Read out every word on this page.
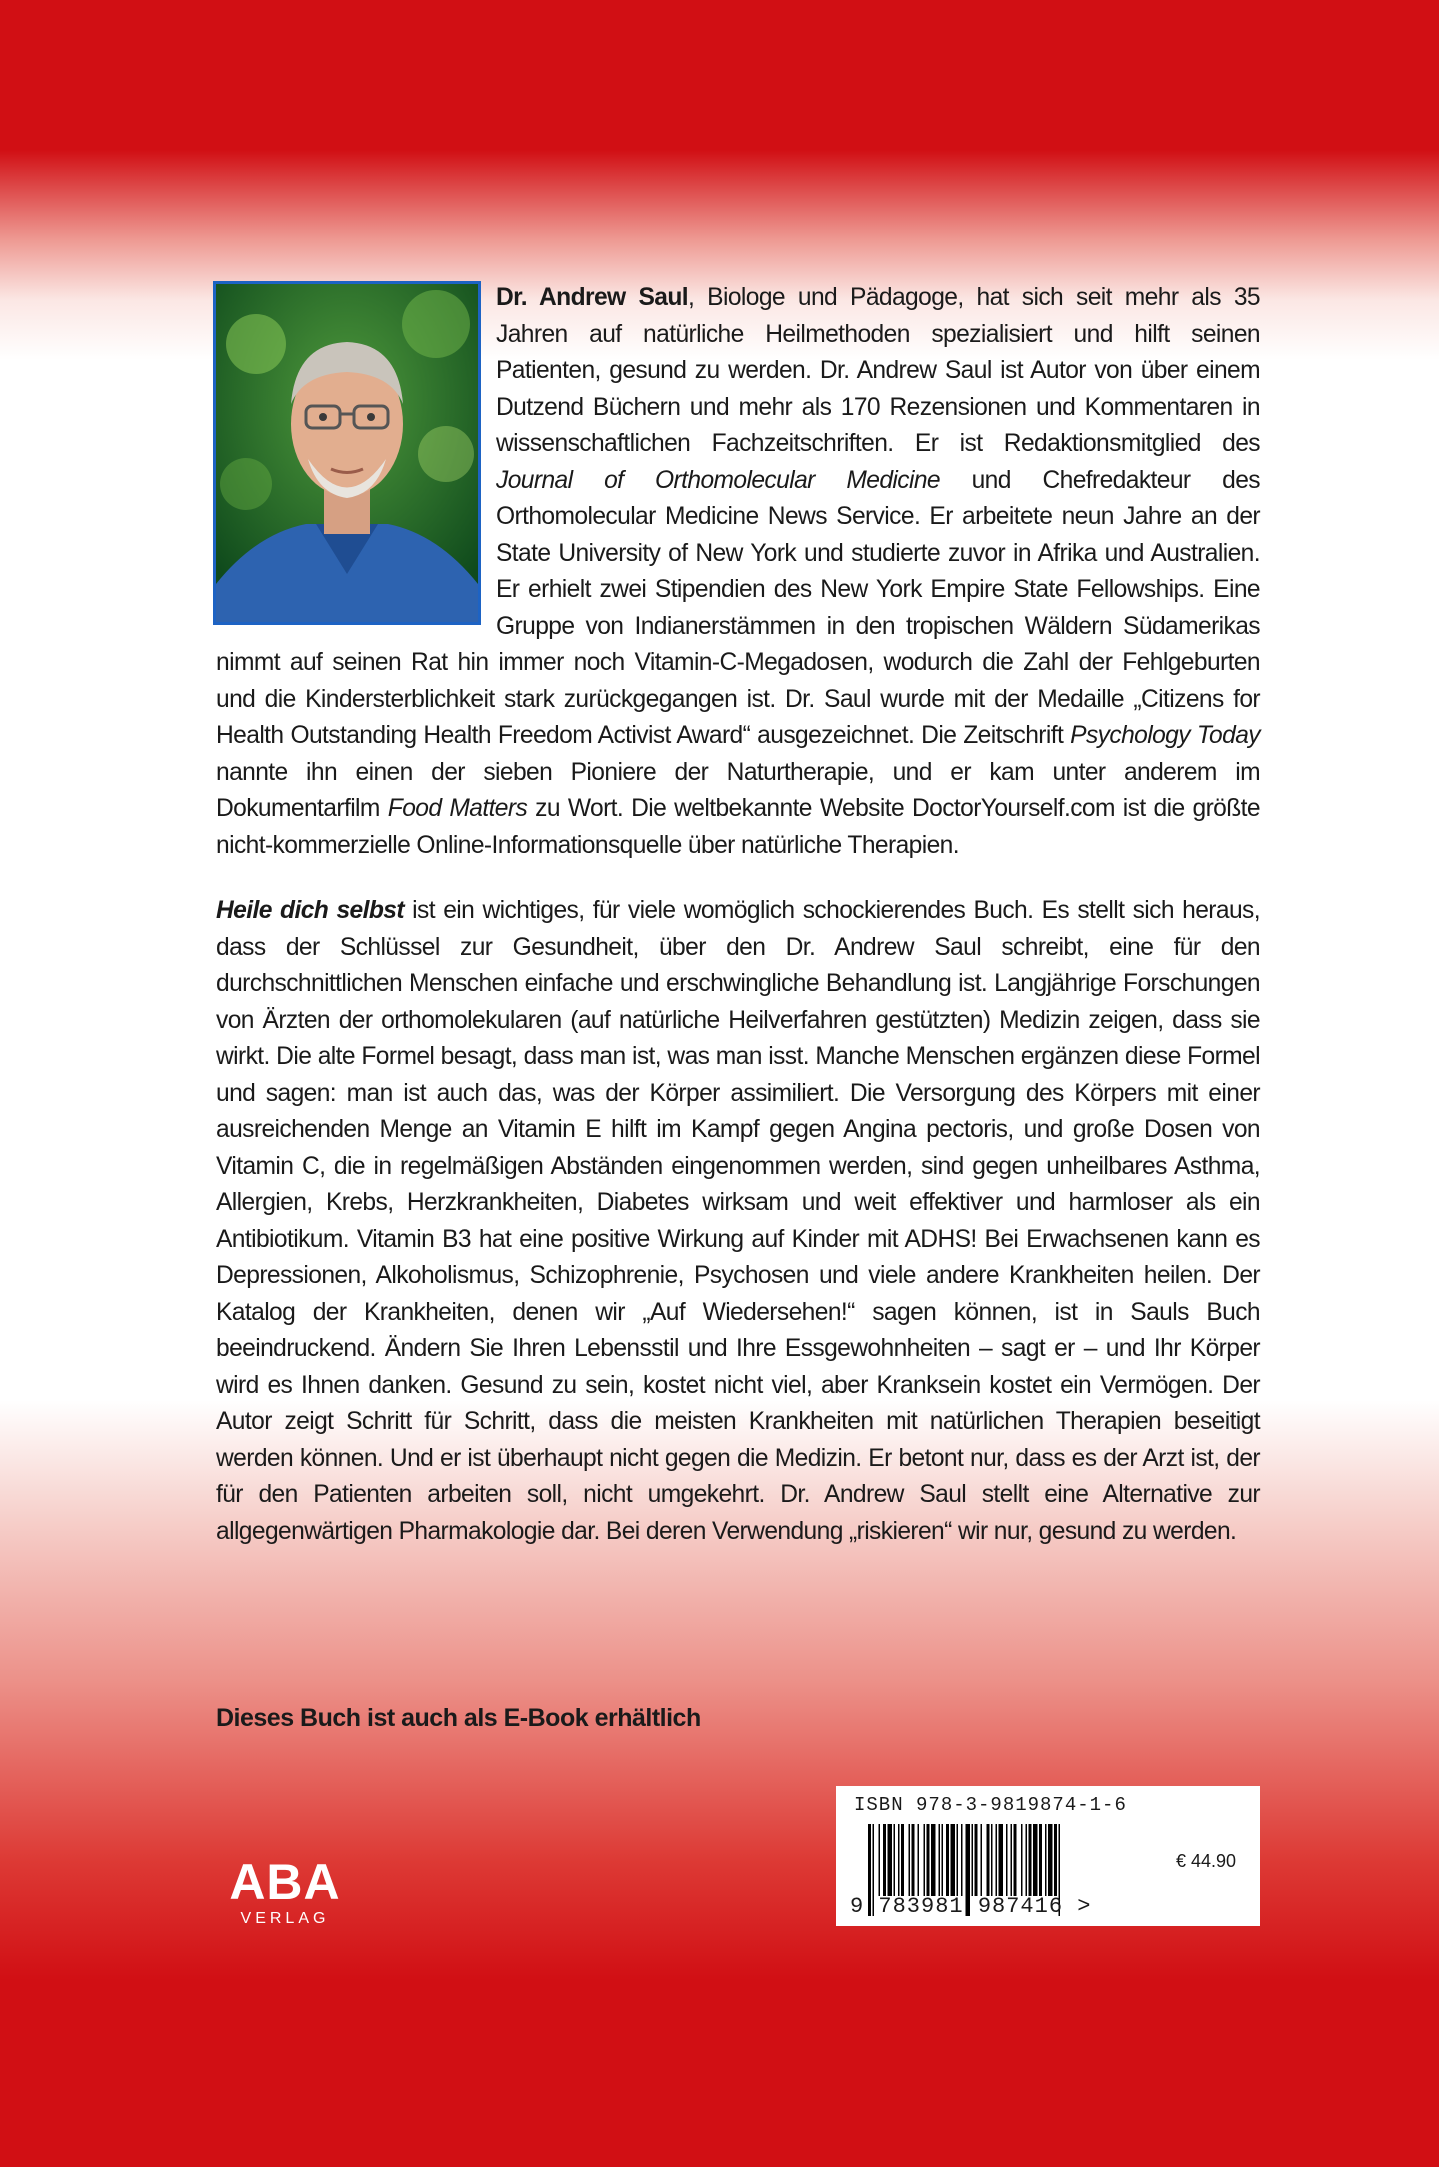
Dr. Andrew Saul, Biologe und Pädagoge, hat sich seit mehr als 35 Jahren auf natürliche Heilmethoden spezialisiert und hilft seinen Patienten, gesund zu werden. Dr. Andrew Saul ist Autor von über einem Dutzend Büchern und mehr als 170 Rezensionen und Kommentaren in wissenschaftlichen Fachzeitschriften. Er ist Redaktionsmitglied des Journal of Orthomolecular Medicine und Chefredakteur des Orthomolecular Medicine News Service. Er arbeitete neun Jahre an der State University of New York und studierte zuvor in Afrika und Australien. Er erhielt zwei Stipendien des New York Empire State Fellowships. Eine Gruppe von Indianerstämmen in den tropischen Wäldern Südamerikas nimmt auf seinen Rat hin immer noch Vitamin-C-Megadosen, wodurch die Zahl der Fehlgeburten und die Kindersterblichkeit stark zurückgegangen ist. Dr. Saul wurde mit der Medaille „Citizens for Health Outstanding Health Freedom Activist Award“ ausgezeichnet. Die Zeitschrift Psychology Today nannte ihn einen der sieben Pioniere der Naturtherapie, und er kam unter anderem im Dokumentarfilm Food Matters zu Wort. Die weltbekannte Website DoctorYourself.com ist die größte nicht-kommerzielle Online-Informationsquelle über natürliche Therapien.

Heile dich selbst ist ein wichtiges, für viele womöglich schockierendes Buch. Es stellt sich heraus, dass der Schlüssel zur Gesundheit, über den Dr. Andrew Saul schreibt, eine für den durchschnittlichen Menschen einfache und erschwingliche Behandlung ist. Langjährige Forschungen von Ärzten der orthomolekularen (auf natürliche Heilverfahren gestützten) Medizin zeigen, dass sie wirkt. Die alte Formel besagt, dass man ist, was man isst. Manche Menschen ergänzen diese Formel und sagen: man ist auch das, was der Körper assimiliert. Die Versorgung des Körpers mit einer ausreichenden Menge an Vitamin E hilft im Kampf gegen Angina pectoris, und große Dosen von Vitamin C, die in regelmäßigen Abständen eingenommen werden, sind gegen unheilbares Asthma, Allergien, Krebs, Herzkrankheiten, Diabetes wirksam und weit effektiver und harmloser als ein Antibiotikum. Vitamin B3 hat eine positive Wirkung auf Kinder mit ADHS! Bei Erwachsenen kann es Depressionen, Alkoholismus, Schizophrenie, Psychosen und viele andere Krankheiten heilen. Der Katalog der Krankheiten, denen wir „Auf Wiedersehen!“ sagen können, ist in Sauls Buch beeindruckend. Ändern Sie Ihren Lebensstil und Ihre Essgewohnheiten – sagt er – und Ihr Körper wird es Ihnen danken. Gesund zu sein, kostet nicht viel, aber Kranksein kostet ein Vermögen. Der Autor zeigt Schritt für Schritt, dass die meisten Krankheiten mit natürlichen Therapien beseitigt werden können. Und er ist überhaupt nicht gegen die Medizin. Er betont nur, dass es der Arzt ist, der für den Patienten arbeiten soll, nicht umgekehrt. Dr. Andrew Saul stellt eine Alternative zur allgegenwärtigen Pharmakologie dar. Bei deren Verwendung „riskieren“ wir nur, gesund zu werden.

Dieses Buch ist auch als E-Book erhältlich

ABA
VERLAG
ISBN 978-3-9819874-1-6
9 783981 987416 >
€ 44.90
